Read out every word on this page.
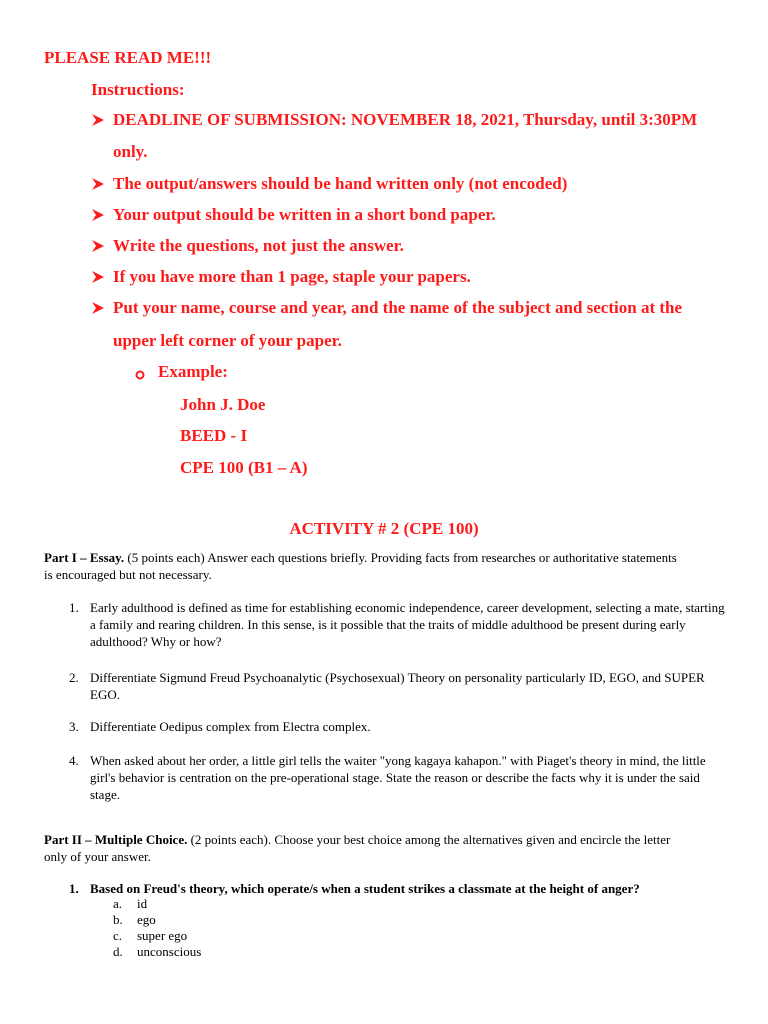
PLEASE READ ME!!!
Instructions:
DEADLINE OF SUBMISSION: NOVEMBER 18, 2021, Thursday, until 3:30PM
only.
The output/answers should be hand written only (not encoded)
Your output should be written in a short bond paper.
Write the questions, not just the answer.
If you have more than 1 page, staple your papers.
Put your name, course and year, and the name of the subject and section at the
upper left corner of your paper.
Example:
John J. Doe
BEED - I
CPE 100 (B1 – A)
ACTIVITY # 2 (CPE 100)
Part I – Essay. (5 points each) Answer each questions briefly. Providing facts from researches or authoritative statements
is encouraged but not necessary.
1. Early adulthood is defined as time for establishing economic independence, career development, selecting a mate, starting a family and rearing children. In this sense, is it possible that the traits of middle adulthood be present during early adulthood? Why or how?
2. Differentiate Sigmund Freud Psychoanalytic (Psychosexual) Theory on personality particularly ID, EGO, and SUPER EGO.
3. Differentiate Oedipus complex from Electra complex.
4. When asked about her order, a little girl tells the waiter "yong kagaya kahapon." with Piaget's theory in mind, the little girl's behavior is centration on the pre-operational stage. State the reason or describe the facts why it is under the said stage.
Part II – Multiple Choice. (2 points each). Choose your best choice among the alternatives given and encircle the letter
only of your answer.
1. Based on Freud's theory, which operate/s when a student strikes a classmate at the height of anger?
a. id
b. ego
c. super ego
d. unconscious
